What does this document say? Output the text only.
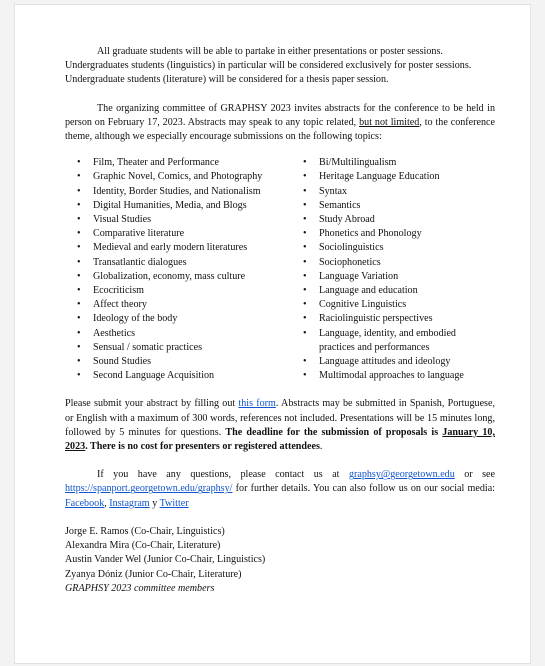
All graduate students will be able to partake in either presentations or poster sessions. Undergraduates students (linguistics) in particular will be considered exclusively for poster sessions. Undergraduate students (literature) will be considered for a thesis paper session.

The organizing committee of GRAPHSY 2023 invites abstracts for the conference to be held in person on February 17, 2023. Abstracts may speak to any topic related, but not limited, to the conference theme, although we especially encourage submissions on the following topics:

• Film, Theater and Performance
• Graphic Novel, Comics, and Photography
• Identity, Border Studies, and Nationalism
• Digital Humanities, Media, and Blogs
• Visual Studies
• Comparative literature
• Medieval and early modern literatures
• Transatlantic dialogues
• Globalization, economy, mass culture
• Ecocriticism
• Affect theory
• Ideology of the body
• Aesthetics
• Sensual / somatic practices
• Sound Studies
• Second Language Acquisition
• Bi/Multilingualism
• Heritage Language Education
• Syntax
• Semantics
• Study Abroad
• Phonetics and Phonology
• Sociolinguistics
• Sociophonetics
• Language Variation
• Language and education
• Cognitive Linguistics
• Raciolinguistic perspectives
• Language, identity, and embodied practices and performances
• Language attitudes and ideology
• Multimodal approaches to language

Please submit your abstract by filling out this form. Abstracts may be submitted in Spanish, Portuguese, or English with a maximum of 300 words, references not included. Presentations will be 15 minutes long, followed by 5 minutes for questions. The deadline for the submission of proposals is January 10, 2023. There is no cost for presenters or registered attendees.

If you have any questions, please contact us at graphsy@georgetown.edu or see https://spanport.georgetown.edu/graphsy/ for further details. You can also follow us on our social media: Facebook, Instagram y Twitter

Jorge E. Ramos (Co-Chair, Linguistics)
Alexandra Mira (Co-Chair, Literature)
Austin Vander Wel (Junior Co-Chair, Linguistics)
Zyanya Dóniz (Junior Co-Chair, Literature)
GRAPHSY 2023 committee members
